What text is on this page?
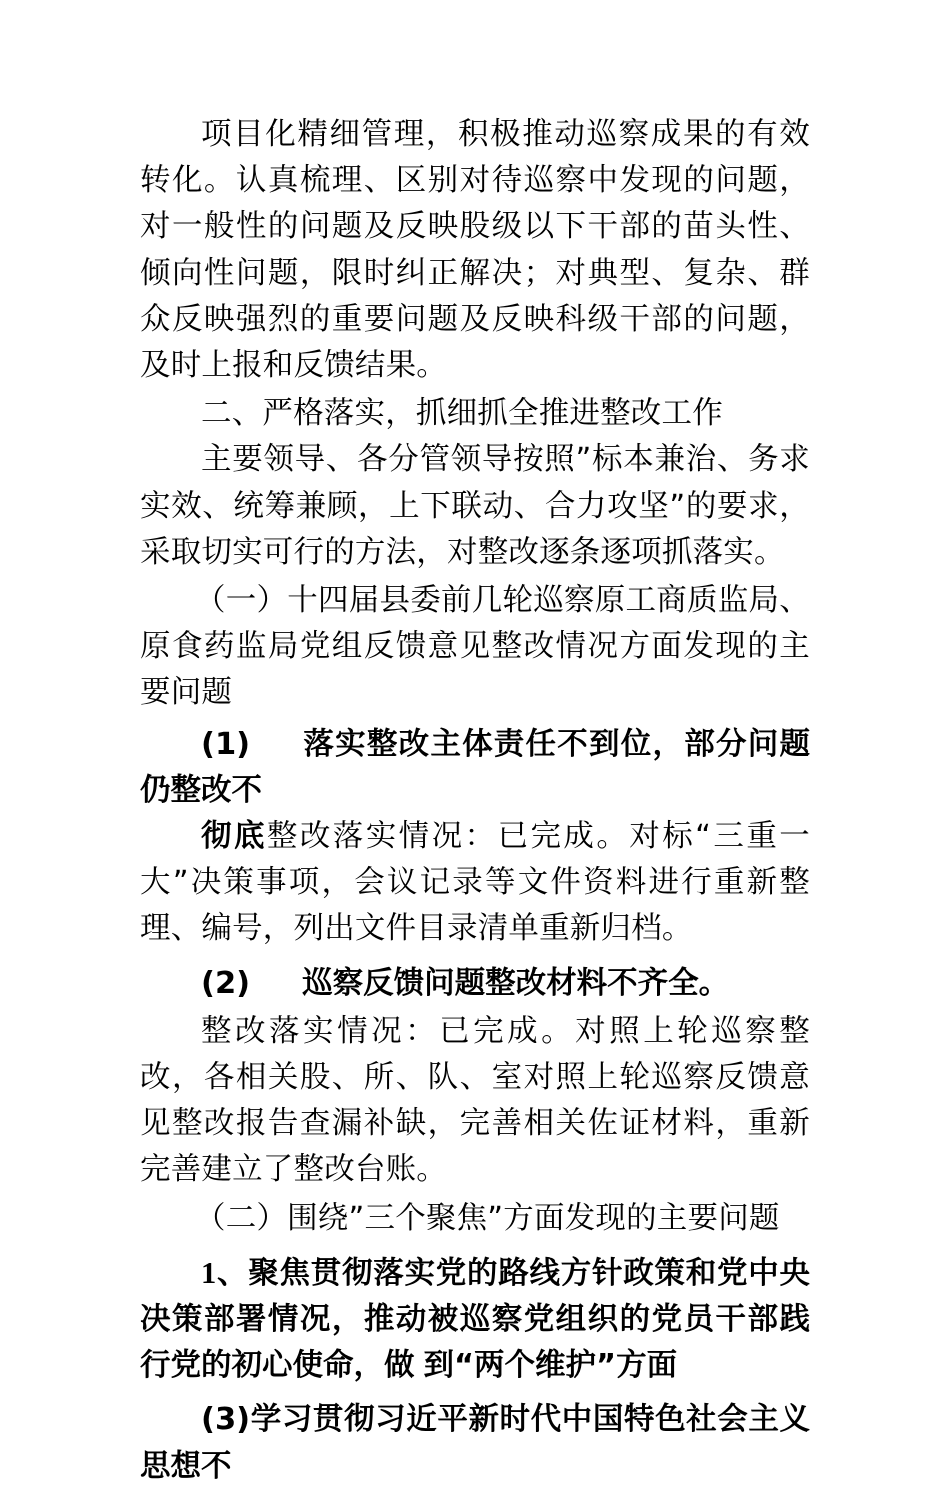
项目化精细管理，积极推动巡察成果的有效转化。认真梳理、区别对待巡察中发现的问题，对一般性的问题及反映股级以下干部的苗头性、倾向性问题，限时纠正解决；对典型、复杂、群众反映强烈的重要问题及反映科级干部的问题，及时上报和反馈结果。

二、严格落实，抓细抓全推进整改工作

主要领导、各分管领导按照”标本兼治、务求实效、统筹兼顾，上下联动、合力攻坚”的要求，采取切实可行的方法，对整改逐条逐项抓落实。

（一）十四届县委前几轮巡察原工商质监局、原食药监局党组反馈意见整改情况方面发现的主要问题

(1) 落实整改主体责任不到位，部分问题仍整改不

彻底整改落实情况：已完成。对标“三重一大”决策事项，会议记录等文件资料进行重新整理、编号，列出文件目录清单重新归档。

(2) 巡察反馈问题整改材料不齐全。

整改落实情况：已完成。对照上轮巡察整改，各相关股、所、队、室对照上轮巡察反馈意见整改报告查漏补缺，完善相关佐证材料，重新完善建立了整改台账。

（二）围绕”三个聚焦”方面发现的主要问题

1、聚焦贯彻落实党的路线方针政策和党中央决策部署情况，推动被巡察党组织的党员干部践行党的初心使命，做 到“两个维护”方面

(3)学习贯彻习近平新时代中国特色社会主义思想不
